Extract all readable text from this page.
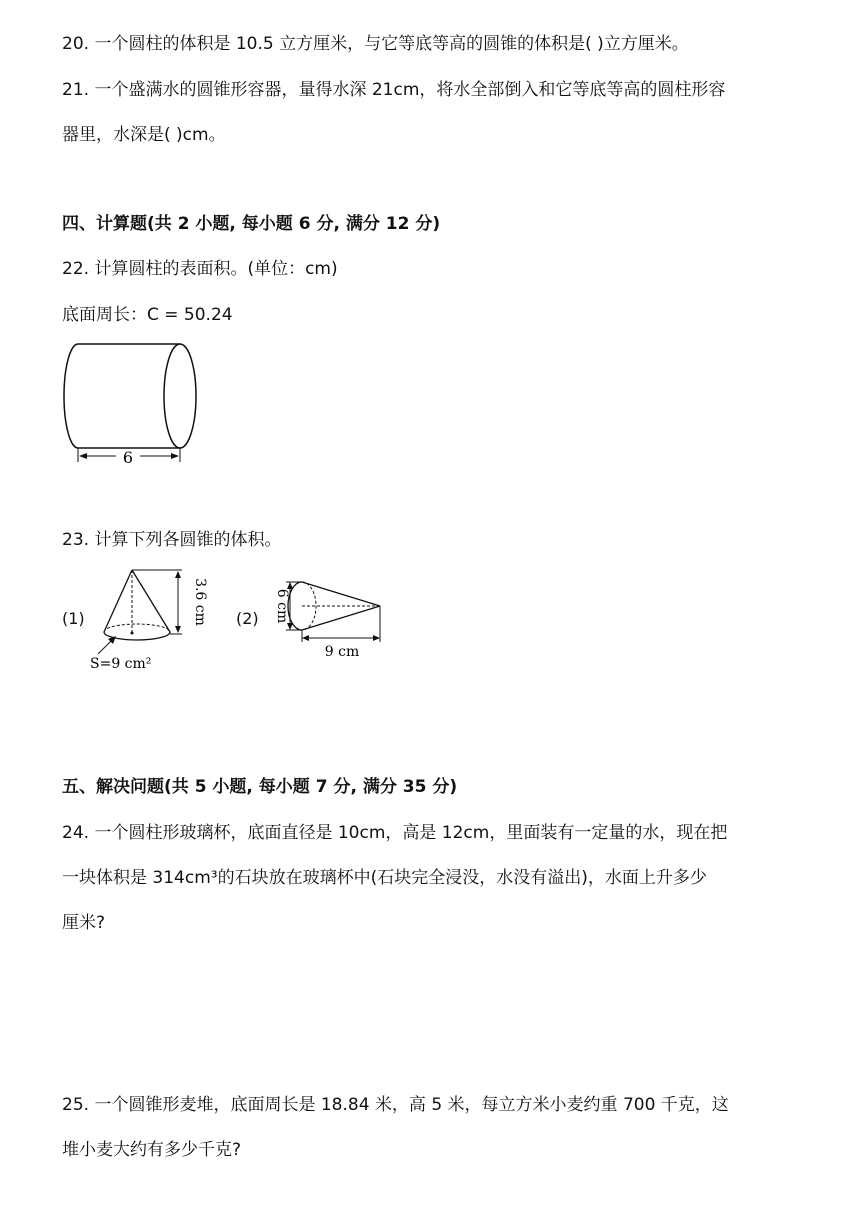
20. 一个圆柱的体积是 10.5 立方厘米，与它等底等高的圆锥的体积是( )立方厘米。
21. 一个盛满水的圆锥形容器，量得水深 21cm，将水全部倒入和它等底等高的圆柱形容
器里，水深是( )cm。
四、计算题(共 2 小题, 每小题 6 分, 满分 12 分)
22. 计算圆柱的表面积。(单位：cm)
底面周长：C = 50.24
6
23. 计算下列各圆锥的体积。
(1)	3.6 cm
S=9 cm²
(2) 6 cm
9 cm
五、解决问题(共 5 小题, 每小题 7 分, 满分 35 分)
24. 一个圆柱形玻璃杯，底面直径是 10cm，高是 12cm，里面装有一定量的水，现在把
一块体积是 314cm³的石块放在玻璃杯中(石块完全浸没，水没有溢出)，水面上升多少
厘米?
25. 一个圆锥形麦堆，底面周长是 18.84 米，高 5 米，每立方米小麦约重 700 千克，这
堆小麦大约有多少千克?
